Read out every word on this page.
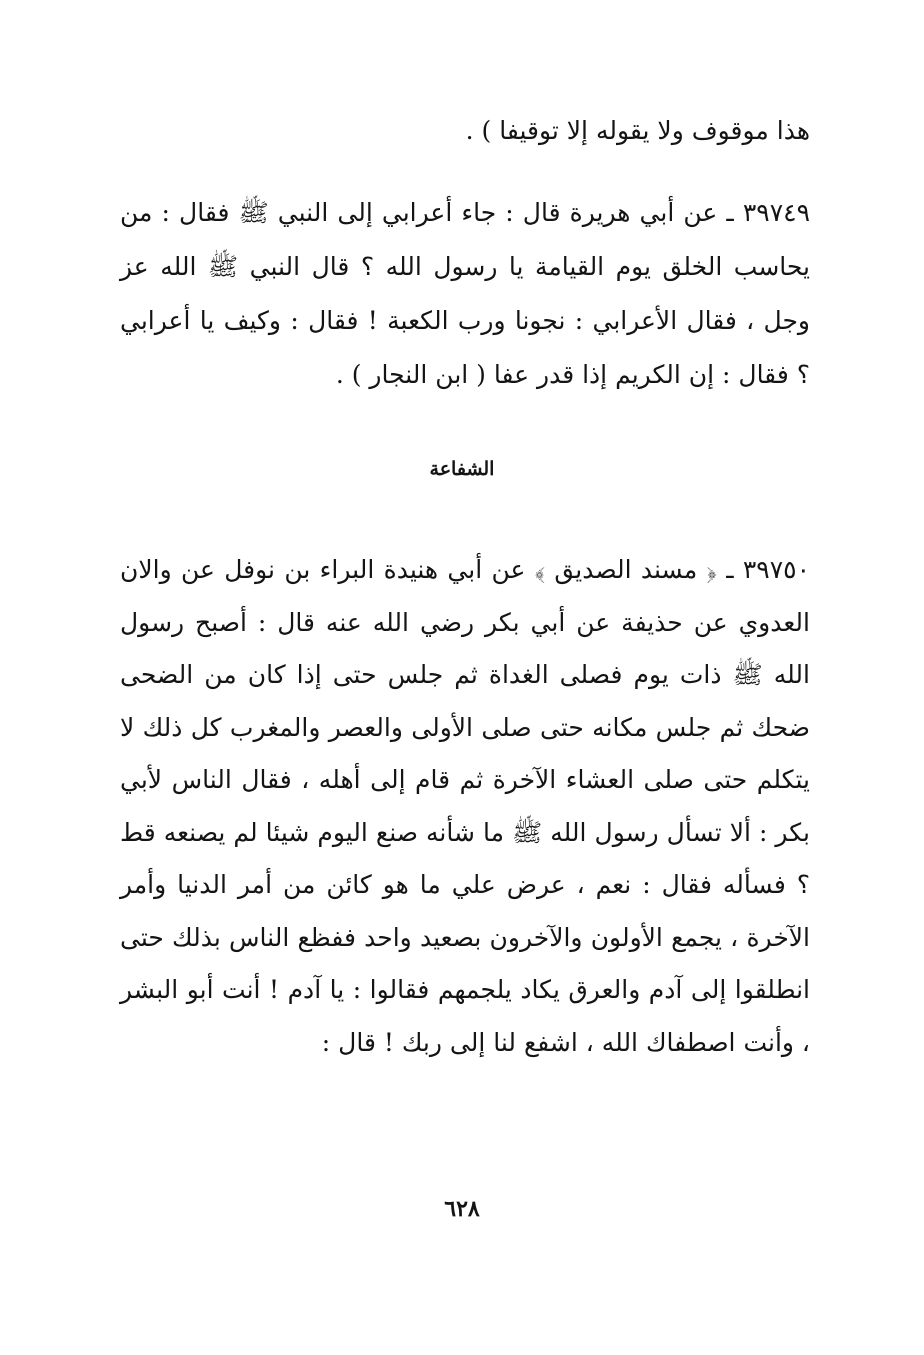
هذا موقوف ولا يقوله إلا توقيفا ) .
٣٩٧٤٩ ـ عن أبي هريرة قال : جاء أعرابي إلى النبي ﷺ فقال : من يحاسب الخلق يوم القيامة يا رسول الله ؟ قال النبي ﷺ الله عز وجل ، فقال الأعرابي : نجونا ورب الكعبة ! فقال : وكيف يا أعرابي ؟ فقال : إن الكريم إذا قدر عفا ( ابن النجار ) .
الشفاعة
٣٩٧٥٠ ـ ﴿ مسند الصديق ﴾ عن أبي هنيدة البراء بن نوفل عن والان العدوي عن حذيفة عن أبي بكر رضي الله عنه قال : أصبح رسول الله ﷺ ذات يوم فصلى الغداة ثم جلس حتى إذا كان من الضحى ضحك ثم جلس مكانه حتى صلى الأولى والعصر والمغرب كل ذلك لا يتكلم حتى صلى العشاء الآخرة ثم قام إلى أهله ، فقال الناس لأبي بكر : ألا تسأل رسول الله ﷺ ما شأنه صنع اليوم شيئا لم يصنعه قط ؟ فسأله فقال : نعم ، عرض علي ما هو كائن من أمر الدنيا وأمر الآخرة ، يجمع الأولون والآخرون بصعيد واحد ففظع الناس بذلك حتى انطلقوا إلى آدم والعرق يكاد يلجمهم فقالوا : يا آدم ! أنت أبو البشر ، وأنت اصطفاك الله ، اشفع لنا إلى ربك ! قال :
٦٢٨
